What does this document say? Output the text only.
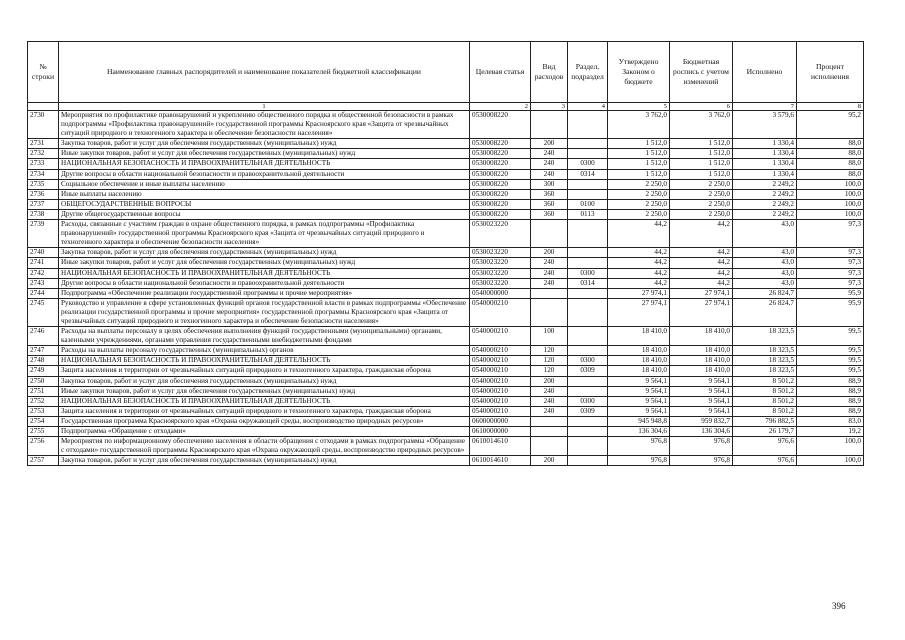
№ строки	Наименование главных распорядителей и наименование показателей бюджетной классификации	Целевая статья	Вид расходов	Раздел, подраздел	Утверждено Законом о бюджете	Бюджетная роспись с учетом изменений	Исполнено	Процент исполнения
	1	2	3	4	5	6	7	8
2730	Мероприятия по профилактике правонарушений и укреплению общественного порядка и общественной безопасности в рамках подпрограммы «Профилактика правонарушений» государственной программы Красноярского края «Защита от чрезвычайных ситуаций природного и техногенного характера и обеспечение безопасности населения»	0530008220			3 762,0	3 762,0	3 579,6	95,2
2731	Закупка товаров, работ и услуг для обеспечения государственных (муниципальных) нужд	0530008220	200		1 512,0	1 512,0	1 330,4	88,0
2732	Иные закупки товаров, работ и услуг для обеспечения государственных (муниципальных) нужд	0530008220	240		1 512,0	1 512,0	1 330,4	88,0
2733	НАЦИОНАЛЬНАЯ БЕЗОПАСНОСТЬ И ПРАВООХРАНИТЕЛЬНАЯ ДЕЯТЕЛЬНОСТЬ	0530008220	240	0300	1 512,0	1 512,0	1 330,4	88,0
2734	Другие вопросы в области национальной безопасности и правоохранительной деятельности	0530008220	240	0314	1 512,0	1 512,0	1 330,4	88,0
2735	Социальное обеспечение и иные выплаты населению	0530008220	300		2 250,0	2 250,0	2 249,2	100,0
2736	Иные выплаты населению	0530008220	360		2 250,0	2 250,0	2 249,2	100,0
2737	ОБЩЕГОСУДАРСТВЕННЫЕ ВОПРОСЫ	0530008220	360	0100	2 250,0	2 250,0	2 249,2	100,0
2738	Другие общегосударственные вопросы	0530008220	360	0113	2 250,0	2 250,0	2 249,2	100,0
2739	Расходы, связанные с участием граждан в охране общественного порядка, в рамках подпрограммы «Профилактика правонарушений» государственной программы Красноярского края «Защита от чрезвычайных ситуаций природного и техногенного характера и обеспечение безопасности населения»	0530023220			44,2	44,2	43,0	97,3
2740	Закупка товаров, работ и услуг для обеспечения государственных (муниципальных) нужд	0530023220	200		44,2	44,2	43,0	97,3
2741	Иные закупки товаров, работ и услуг для обеспечения государственных (муниципальных) нужд	0530023220	240		44,2	44,2	43,0	97,3
2742	НАЦИОНАЛЬНАЯ БЕЗОПАСНОСТЬ И ПРАВООХРАНИТЕЛЬНАЯ ДЕЯТЕЛЬНОСТЬ	0530023220	240	0300	44,2	44,2	43,0	97,3
2743	Другие вопросы в области национальной безопасности и правоохранительной деятельности	0530023220	240	0314	44,2	44,2	43,0	97,3
2744	Подпрограмма «Обеспечение реализации государственной программы и прочие мероприятия»	0540000000			27 974,1	27 974,1	26 824,7	95,9
2745	Руководство и управление в сфере установленных функций органов государственной власти в рамках подпрограммы «Обеспечение реализации государственной программы и прочие мероприятия» государственной программы Красноярского края «Защита от чрезвычайных ситуаций природного и техногенного характера и обеспечение безопасности населения»	0540000210			27 974,1	27 974,1	26 824,7	95,9
2746	Расходы на выплаты персоналу в целях обеспечения выполнения функций государственными (муниципальными) органами, казенными учреждениями, органами управления государственными внебюджетными фондами	0540000210	100		18 410,0	18 410,0	18 323,5	99,5
2747	Расходы на выплаты персоналу государственных (муниципальных) органов	0540000210	120		18 410,0	18 410,0	18 323,5	99,5
2748	НАЦИОНАЛЬНАЯ БЕЗОПАСНОСТЬ И ПРАВООХРАНИТЕЛЬНАЯ ДЕЯТЕЛЬНОСТЬ	0540000210	120	0300	18 410,0	18 410,0	18 323,5	99,5
2749	Защита населения и территории от чрезвычайных ситуаций природного и техногенного характера, гражданская оборона	0540000210	120	0309	18 410,0	18 410,0	18 323,5	99,5
2750	Закупка товаров, работ и услуг для обеспечения государственных (муниципальных) нужд	0540000210	200		9 564,1	9 564,1	8 501,2	88,9
2751	Иные закупки товаров, работ и услуг для обеспечения государственных (муниципальных) нужд	0540000210	240		9 564,1	9 564,1	8 501,2	88,9
2752	НАЦИОНАЛЬНАЯ БЕЗОПАСНОСТЬ И ПРАВООХРАНИТЕЛЬНАЯ ДЕЯТЕЛЬНОСТЬ	0540000210	240	0300	9 564,1	9 564,1	8 501,2	88,9
2753	Защита населения и территории от чрезвычайных ситуаций природного и техногенного характера, гражданская оборона	0540000210	240	0309	9 564,1	9 564,1	8 501,2	88,9
2754	Государственная программа Красноярского края «Охрана окружающей среды, воспроизводство природных ресурсов»	0600000000			945 948,8	959 832,7	796 882,5	83,0
2755	Подпрограмма «Обращение с отходами»	0610000000			136 304,6	136 304,6	26 179,7	19,2
2756	Мероприятия по информационному обеспечению населения в области обращения с отходами в рамках подпрограммы «Обращение с отходами» государственной программы Красноярского края «Охрана окружающей среды, воспроизводство природных ресурсов»	0610014610			976,8	976,8	976,6	100,0
2757	Закупка товаров, работ и услуг для обеспечения государственных (муниципальных) нужд	0610014610	200		976,8	976,8	976,6	100,0
396
